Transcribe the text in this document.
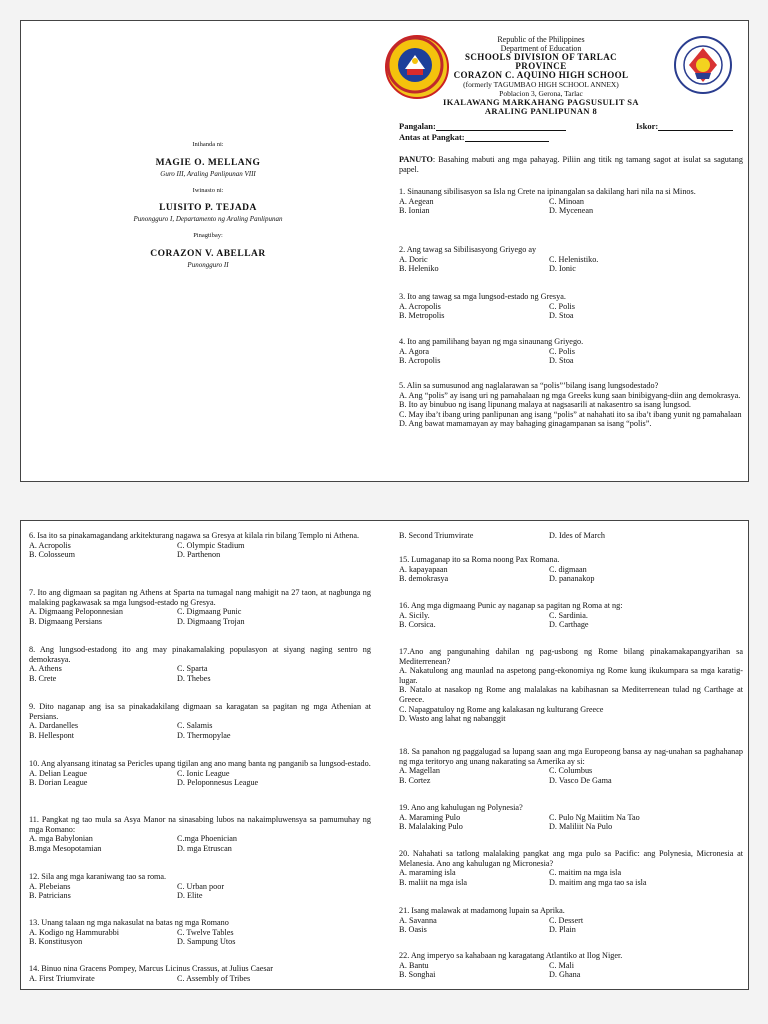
Inihanda ni:
MAGIE O. MELLANG
Guro III, Araling Panlipunan VIII
Iwinasto ni:
LUISITO P. TEJADA
Punongguro I, Departamento ng Araling Panlipunan
Pinagtibay:
CORAZON V. ABELLAR
Punongguro II
Republic of the Philippines
Department of Education
SCHOOLS DIVISION OF TARLAC PROVINCE
CORAZON C. AQUINO HIGH SCHOOL
(formerly TAGUMBAO HIGH SCHOOL ANNEX)
Poblacion 3, Gerona, Tarlac
IKALAWANG MARKAHANG PAGSUSULIT SA
ARALING PANLIPUNAN 8
Pangalan:	Iskor:
Antas at Pangkat:
PANUTO: Basahing mabuti ang mga pahayag. Piliin ang titik ng tamang sagot at isulat sa sagutang papel.
1. Sinaunang sibilisasyon sa Isla ng Crete na ipinangalan sa dakilang hari nila na si Minos.
A. Aegean	C. Minoan
B. Ionian	D. Mycenean
2. Ang tawag sa Sibilisasyong Griyego ay
A. Doric	C. Helenistiko.
B. Heleniko	D. Ionic
3. Ito ang tawag sa mga lungsod-estado ng Gresya.
A. Acropolis	C. Polis
B. Metropolis	D. Stoa
4. Ito ang pamilihang bayan ng mga sinaunang Griyego.
A. Agora	C. Polis
B. Acropolis	D. Stoa
5. Alin sa sumusunod ang naglalarawan sa “polis”’bilang isang lungsodestado?
A. Ang “polis” ay isang uri ng pamahalaan ng mga Greeks kung saan binibigyang-diin ang demokrasya.
B. Ito ay binubuo ng isang lipunang malaya at nagsasarili at nakasentro sa isang lungsod.
C. May iba’t ibang uring panlipunan ang isang “polis” at nahahati ito sa iba’t ibang yunit ng pamahalaan
D. Ang bawat mamamayan ay may bahaging ginagampanan sa isang “polis”.
6. Isa ito sa pinakamagandang arkitekturang nagawa sa Gresya at kilala rin bilang Templo ni Athena.
A. Acropolis	C. Olympic Stadium
B. Colosseum	D. Parthenon
7. Ito ang digmaan sa pagitan ng Athens at Sparta na tumagal nang mahigit na 27 taon, at nagbunga ng malaking pagkawasak sa mga lungsod-estado ng Gresya.
A. Digmaang Peloponnesian	C. Digmaang Punic
B. Digmaang Persians	D. Digmaang Trojan
8. Ang lungsod-estadong ito ang may pinakamalaking populasyon at siyang naging sentro ng demokrasya.
A. Athens	C. Sparta
B. Crete	D. Thebes
9. Dito naganap ang isa sa pinakadakilang digmaan sa karagatan sa pagitan ng mga Athenian at Persians.
A. Dardanelles	C. Salamis
B. Hellespont	D. Thermopylae
10. Ang alyansang itinatag sa Pericles upang tigilan ang ano mang banta ng panganib sa lungsod-estado.
A. Delian League	C. Ionic League
B. Dorian League	D. Peloponnesus League
11. Pangkat ng tao mula sa Asya Manor na sinasabing lubos na nakaimpluwensya sa pamumuhay ng mga Romano:
A. mga Babylonian	C.mga Phoenician
B.mga Mesopotamian	D. mga Etruscan
12. Sila ang mga karaniwang tao sa roma.
A. Plebeians	C. Urban poor
B. Patricians	D. Elite
13. Unang talaan ng mga nakasulat na batas ng mga Romano
A. Kodigo ng Hammurabbi	C. Twelve Tables
B. Konstitusyon	D. Sampung Utos
14. Binuo nina Gracens Pompey, Marcus Licinus Crassus, at Julius Caesar
A. First Triumvirate	C. Assembly of Tribes
B. Second Triumvirate	D. Ides of March
15. Lumaganap ito sa Roma noong Pax Romana.
A. kapayapaan	C. digmaan
B. demokrasya	D. pananakop
16. Ang mga digmaang Punic ay naganap sa pagitan ng Roma at ng:
A. Sicily.	C. Sardinia.
B. Corsica.	D. Carthage
17.Ano ang pangunahing dahilan ng pag-usbong ng Rome bilang pinakamakapangyarihan sa Mediterrenean?
A. Nakatulong ang maunlad na aspetong pang-ekonomiya ng Rome kung ikukumpara sa mga karatig-lugar.
B. Natalo at nasakop ng Rome ang malalakas na kabihasnan sa Mediterrenean tulad ng Carthage at Greece.
C. Napagpatuloy ng Rome ang kalakasan ng kulturang Greece
D. Wasto ang lahat ng nabanggit
18. Sa panahon ng paggalugad sa lupang saan ang mga Europeong bansa ay nag-unahan sa paghahanap ng mga teritoryo ang unang nakarating sa Amerika ay si:
A. Magellan	C. Columbus
B. Cortez	D. Vasco De Gama
19. Ano ang kahulugan ng Polynesia?
A. Maraming Pulo	C. Pulo Ng Maiitim Na Tao
B. Malalaking Pulo	D. Maliliit Na Pulo
20. Nahahati sa tatlong malalaking pangkat ang mga pulo sa Pacific: ang Polynesia, Micronesia at Melanesia. Ano ang kahulugan ng Micronesia?
A. maraming isla	C. maitim na mga isla
B. maliit na mga isla	D. maitim ang mga tao sa isla
21. Isang malawak at madamong lupain sa Aprika.
A. Savanna	C. Dessert
B. Oasis	D. Plain
22. Ang imperyo sa kahabaan ng karagatang Atlantiko at Ilog Niger.
A. Bantu	C. Mali
B. Songhai	D. Ghana
